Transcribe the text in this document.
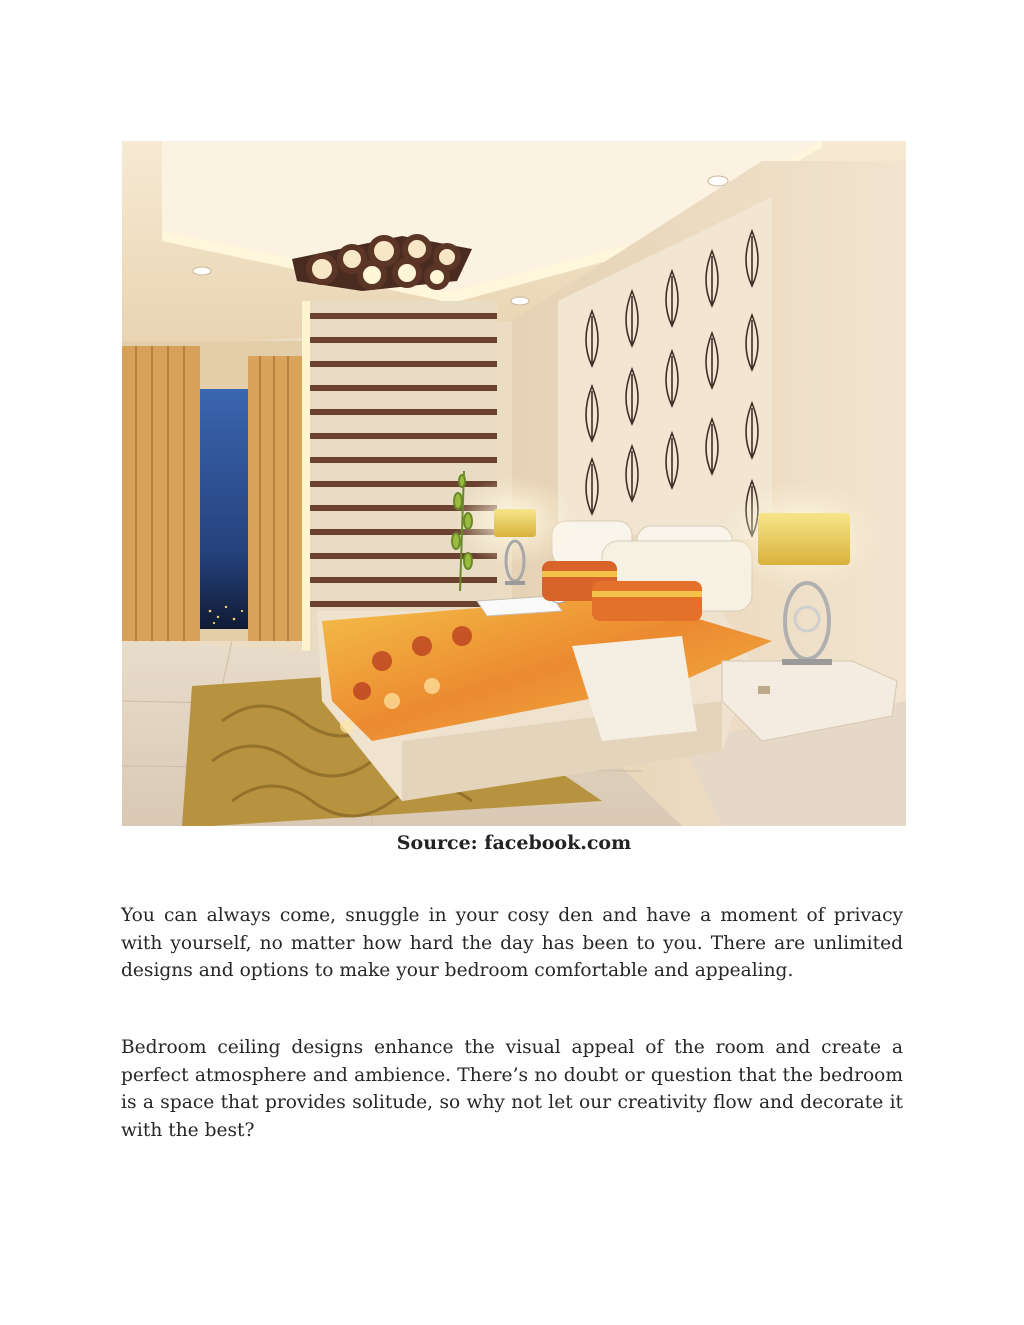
Source: facebook.com

You can always come, snuggle in your cosy den and have a moment of privacy with yourself, no matter how hard the day has been to you. There are unlimited designs and options to make your bedroom comfortable and appealing.

Bedroom ceiling designs enhance the visual appeal of the room and create a perfect atmosphere and ambience. There’s no doubt or question that the bedroom is a space that provides solitude, so why not let our creativity flow and decorate it with the best?
